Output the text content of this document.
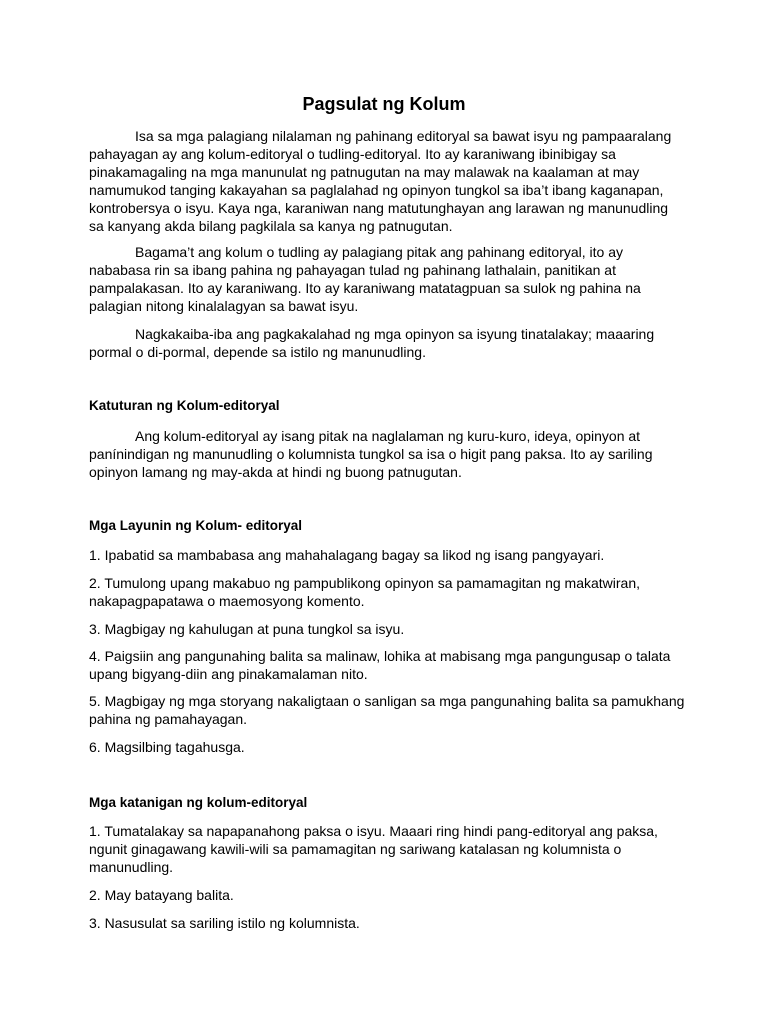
Pagsulat ng Kolum

Isa sa mga palagiang nilalaman ng pahinang editoryal sa bawat isyu ng pampaaralang
pahayagan ay ang kolum-editoryal o tudling-editoryal. Ito ay karaniwang ibinibigay sa
pinakamagaling na mga manunulat ng patnugutan na may malawak na kaalaman at may
namumukod tanging kakayahan sa paglalahad ng opinyon tungkol sa iba’t ibang kaganapan,
kontrobersya o isyu. Kaya nga, karaniwan nang matutunghayan ang larawan ng manunudling
sa kanyang akda bilang pagkilala sa kanya ng patnugutan.

Bagama’t ang kolum o tudling ay palagiang pitak ang pahinang editoryal, ito ay
nababasa rin sa ibang pahina ng pahayagan tulad ng pahinang lathalain, panitikan at
pampalakasan. Ito ay karaniwang. Ito ay karaniwang matatagpuan sa sulok ng pahina na
palagian nitong kinalalagyan sa bawat isyu.

Nagkakaiba-iba ang pagkakalahad ng mga opinyon sa isyung tinatalakay; maaaring
pormal o di-pormal, depende sa istilo ng manunudling.

Katuturan ng Kolum-editoryal

Ang kolum-editoryal ay isang pitak na naglalaman ng kuru-kuro, ideya, opinyon at
panínindigan ng manunudling o kolumnista tungkol sa isa o higit pang paksa. Ito ay sariling
opinyon lamang ng may-akda at hindi ng buong patnugutan.

Mga Layunin ng Kolum- editoryal

1. Ipabatid sa mambabasa ang mahahalagang bagay sa likod ng isang pangyayari.

2. Tumulong upang makabuo ng pampublikong opinyon sa pamamagitan ng makatwiran,
nakapagpapatawa o maemosyong komento.

3. Magbigay ng kahulugan at puna tungkol sa isyu.

4. Paigsiin ang pangunahing balita sa malinaw, lohika at mabisang mga pangungusap o talata
upang bigyang-diin ang pinakamalaman nito.

5. Magbigay ng mga storyang nakaligtaan o sanligan sa mga pangunahing balita sa pamukhang
pahina ng pamahayagan.

6. Magsilbing tagahusga.

Mga katanigan ng kolum-editoryal

1. Tumatalakay sa napapanahong paksa o isyu. Maaari ring hindi pang-editoryal ang paksa,
ngunit ginagawang kawili-wili sa pamamagitan ng sariwang katalasan ng kolumnista o
manunudling.

2. May batayang balita.

3. Nasusulat sa sariling istilo ng kolumnista.
